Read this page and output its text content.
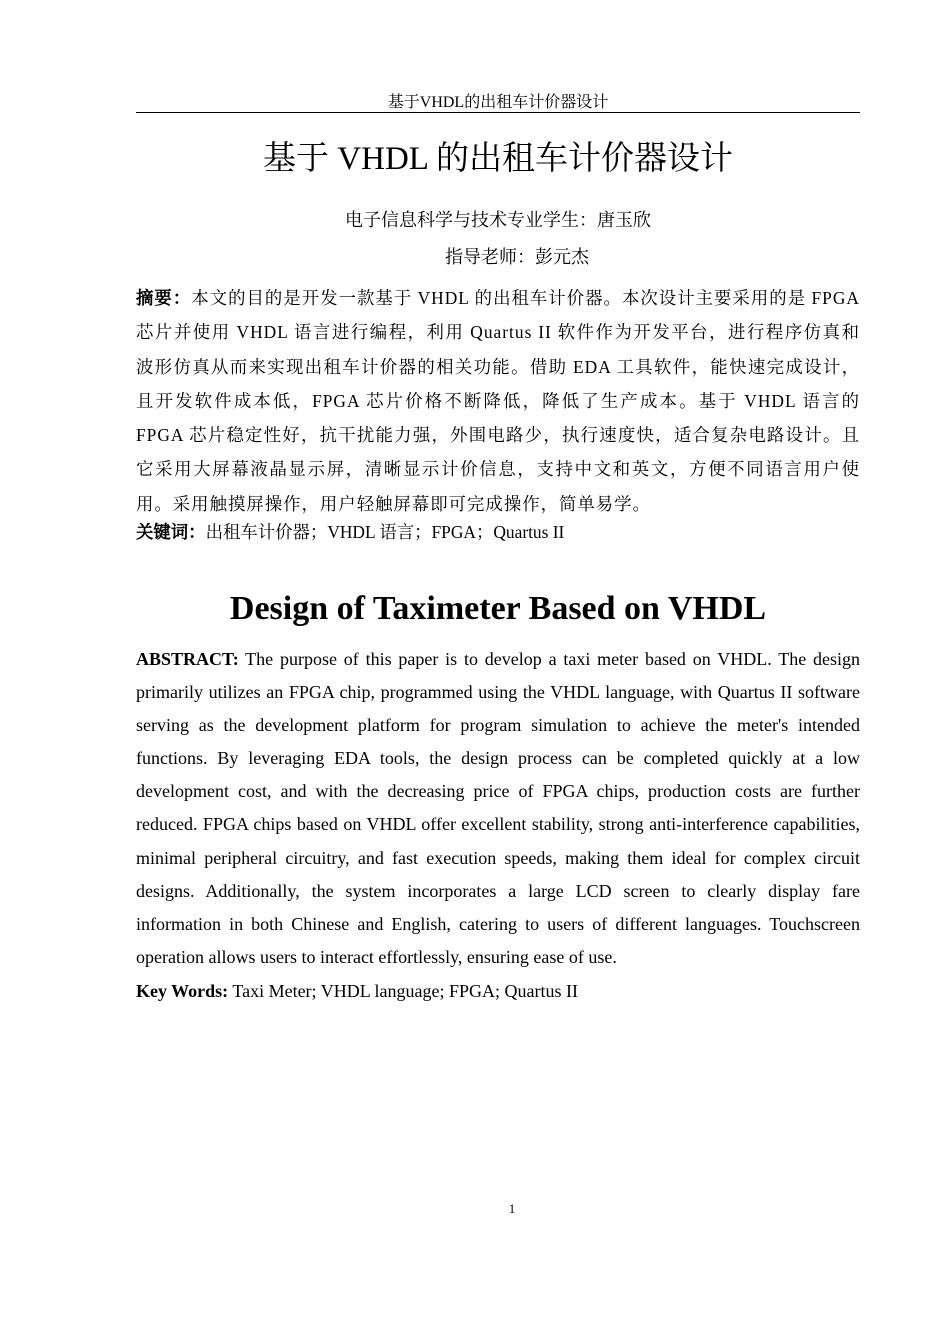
基于VHDL的出租车计价器设计
基于 VHDL 的出租车计价器设计
电子信息科学与技术专业学生：唐玉欣
指导老师：彭元杰
摘要：本文的目的是开发一款基于 VHDL 的出租车计价器。本次设计主要采用的是 FPGA 芯片并使用 VHDL 语言进行编程，利用 Quartus II 软件作为开发平台，进行程序仿真和波形仿真从而来实现出租车计价器的相关功能。借助 EDA 工具软件，能快速完成设计，且开发软件成本低，FPGA 芯片价格不断降低，降低了生产成本。基于 VHDL 语言的 FPGA 芯片稳定性好，抗干扰能力强，外围电路少，执行速度快，适合复杂电路设计。且它采用大屏幕液晶显示屏，清晰显示计价信息，支持中文和英文，方便不同语言用户使用。采用触摸屏操作，用户轻触屏幕即可完成操作，简单易学。
关键词：出租车计价器；VHDL 语言；FPGA；Quartus II
Design of Taximeter Based on VHDL
ABSTRACT: The purpose of this paper is to develop a taxi meter based on VHDL. The design primarily utilizes an FPGA chip, programmed using the VHDL language, with Quartus II software serving as the development platform for program simulation to achieve the meter's intended functions. By leveraging EDA tools, the design process can be completed quickly at a low development cost, and with the decreasing price of FPGA chips, production costs are further reduced. FPGA chips based on VHDL offer excellent stability, strong anti-interference capabilities, minimal peripheral circuitry, and fast execution speeds, making them ideal for complex circuit designs. Additionally, the system incorporates a large LCD screen to clearly display fare information in both Chinese and English, catering to users of different languages. Touchscreen operation allows users to interact effortlessly, ensuring ease of use.
Key Words: Taxi Meter; VHDL language; FPGA; Quartus II
1
